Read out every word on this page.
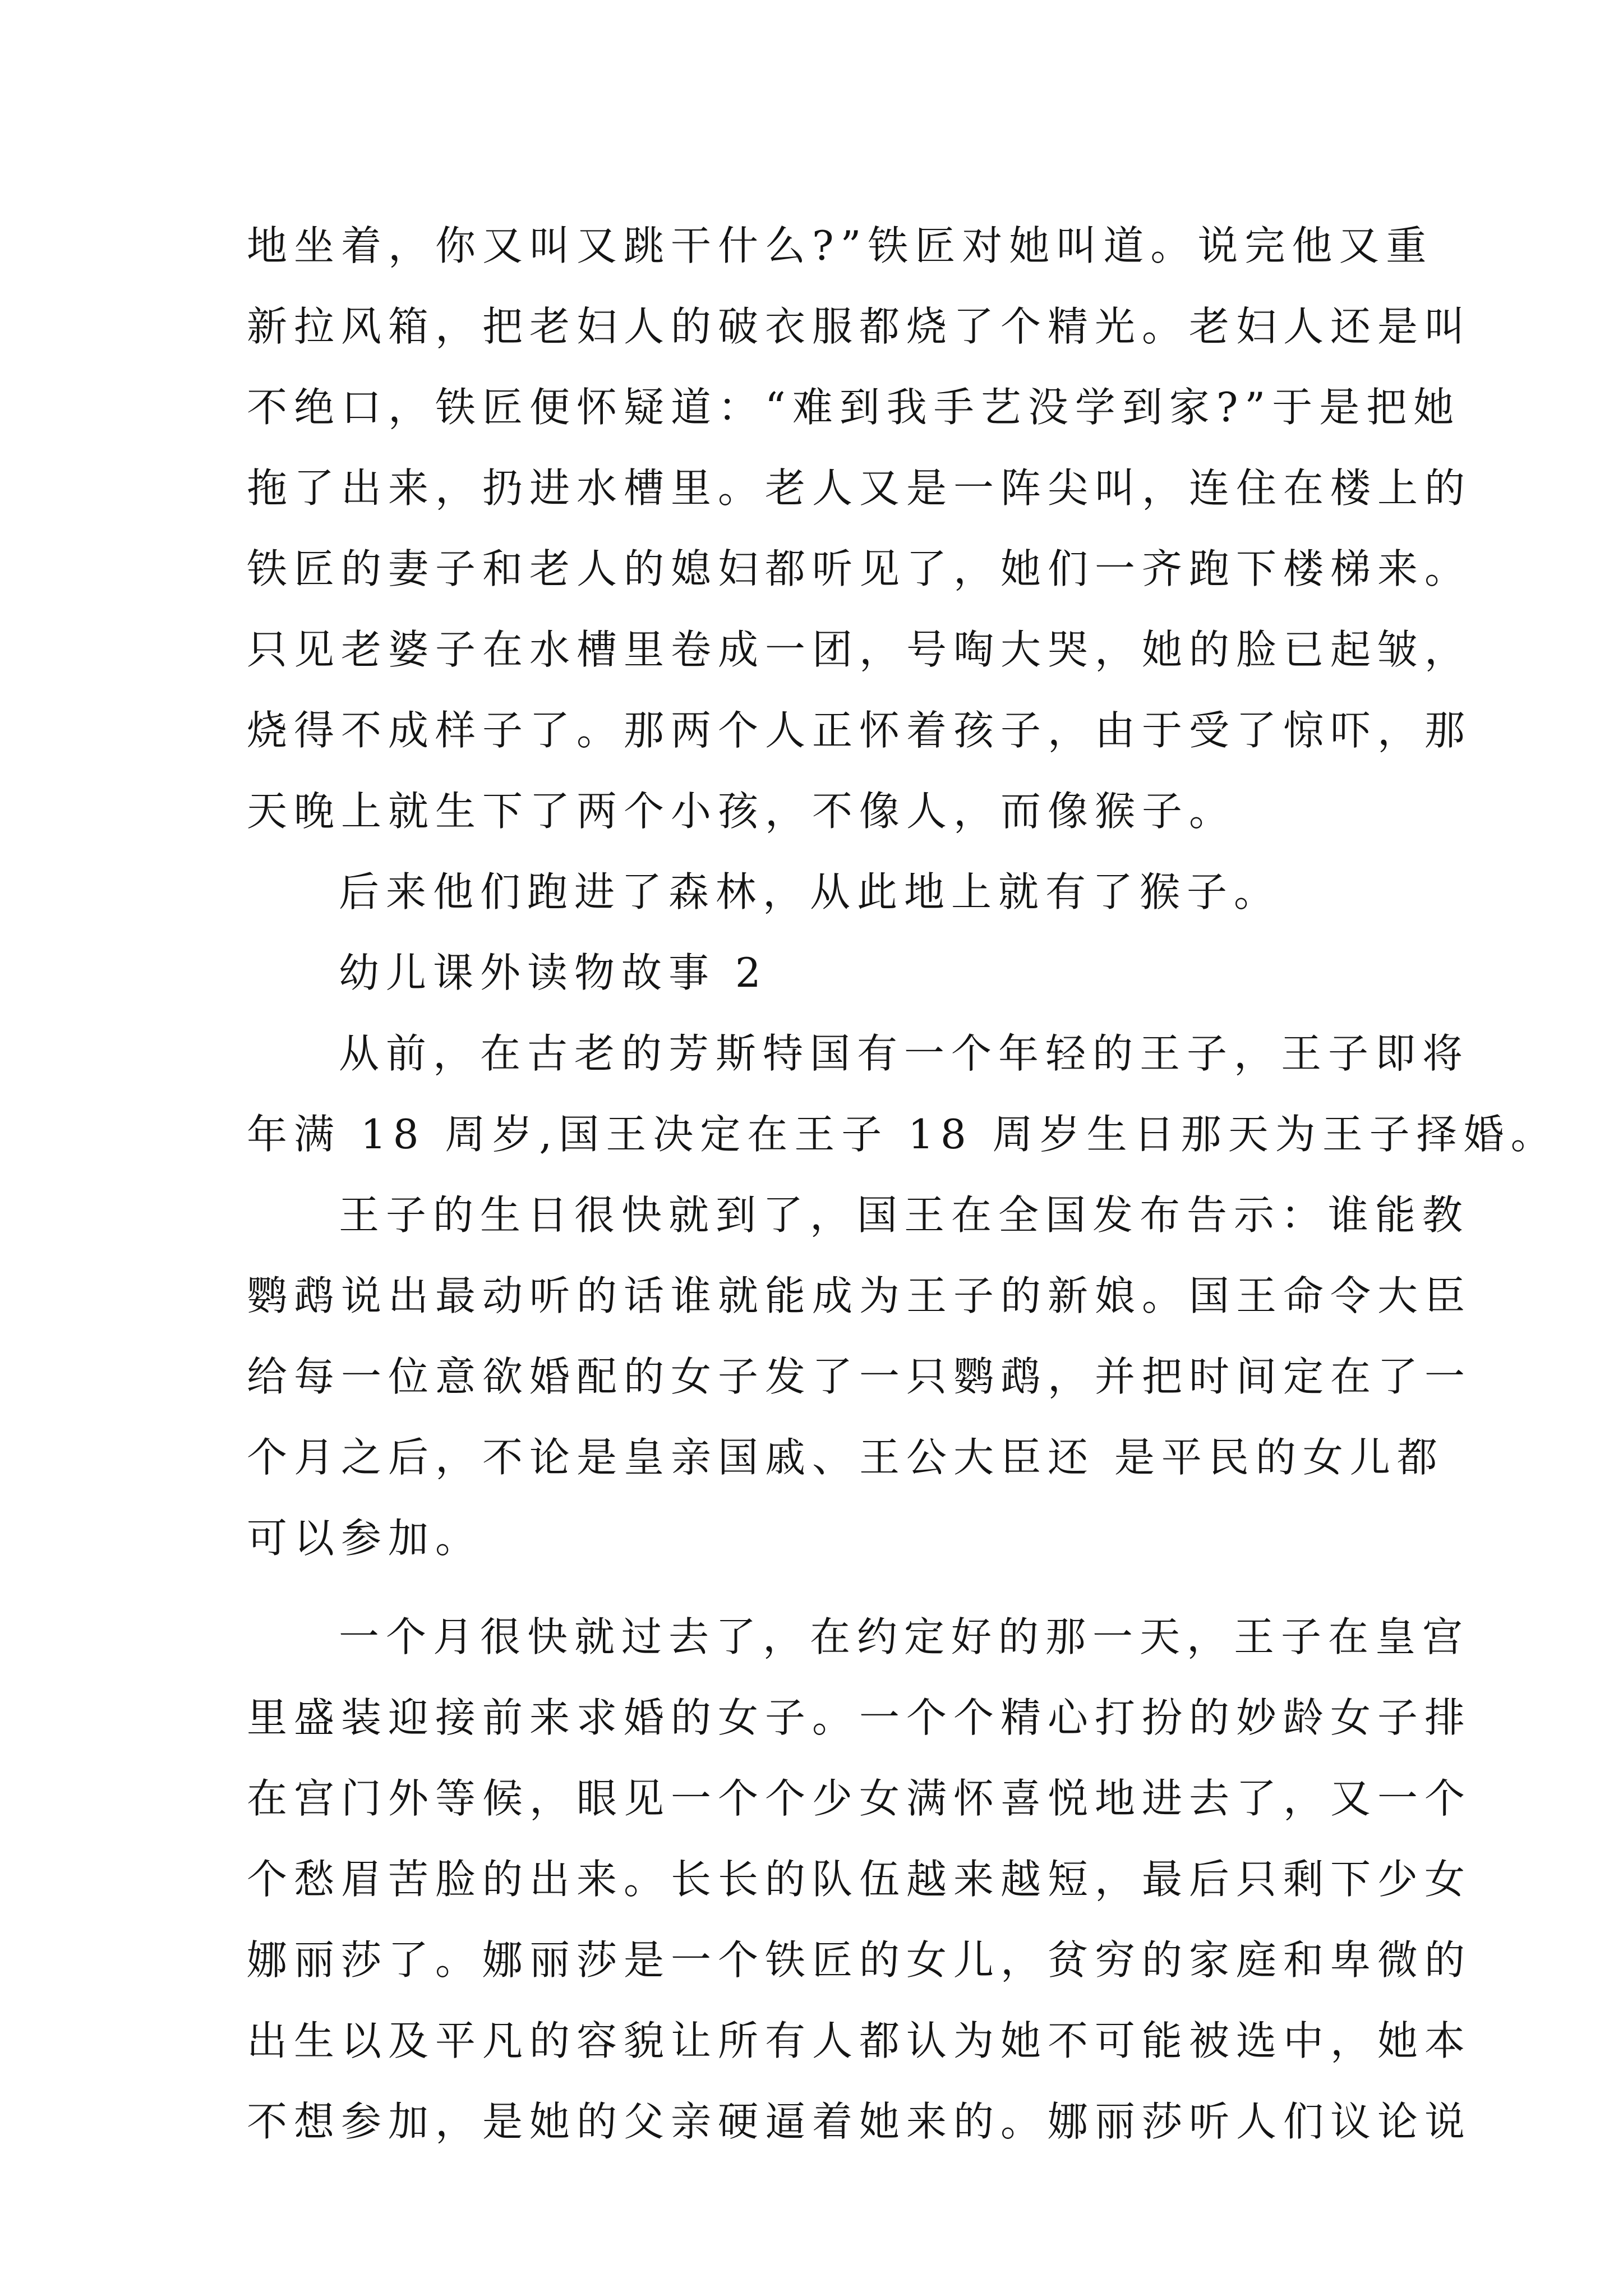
地坐着，你又叫又跳干什么?”铁匠对她叫道。说完他又重
新拉风箱，把老妇人的破衣服都烧了个精光。老妇人还是叫
不绝口，铁匠便怀疑道：“难到我手艺没学到家?”于是把她
拖了出来，扔进水槽里。老人又是一阵尖叫，连住在楼上的
铁匠的妻子和老人的媳妇都听见了，她们一齐跑下楼梯来。
只见老婆子在水槽里卷成一团，号啕大哭，她的脸已起皱，
烧得不成样子了。那两个人正怀着孩子，由于受了惊吓，那
天晚上就生下了两个小孩，不像人，而像猴子。
后来他们跑进了森林，从此地上就有了猴子。
幼儿课外读物故事 2
从前，在古老的芳斯特国有一个年轻的王子，王子即将
年满 18 周岁,国王决定在王子 18 周岁生日那天为王子择婚。
王子的生日很快就到了，国王在全国发布告示：谁能教
鹦鹉说出最动听的话谁就能成为王子的新娘。国王命令大臣
给每一位意欲婚配的女子发了一只鹦鹉，并把时间定在了一
个月之后，不论是皇亲国戚、王公大臣还 是平民的女儿都
可以参加。
一个月很快就过去了，在约定好的那一天，王子在皇宫
里盛装迎接前来求婚的女子。一个个精心打扮的妙龄女子排
在宫门外等候，眼见一个个少女满怀喜悦地进去了，又一个
个愁眉苦脸的出来。长长的队伍越来越短，最后只剩下少女
娜丽莎了。娜丽莎是一个铁匠的女儿，贫穷的家庭和卑微的
出生以及平凡的容貌让所有人都认为她不可能被选中，她本
不想参加，是她的父亲硬逼着她来的。娜丽莎听人们议论说
